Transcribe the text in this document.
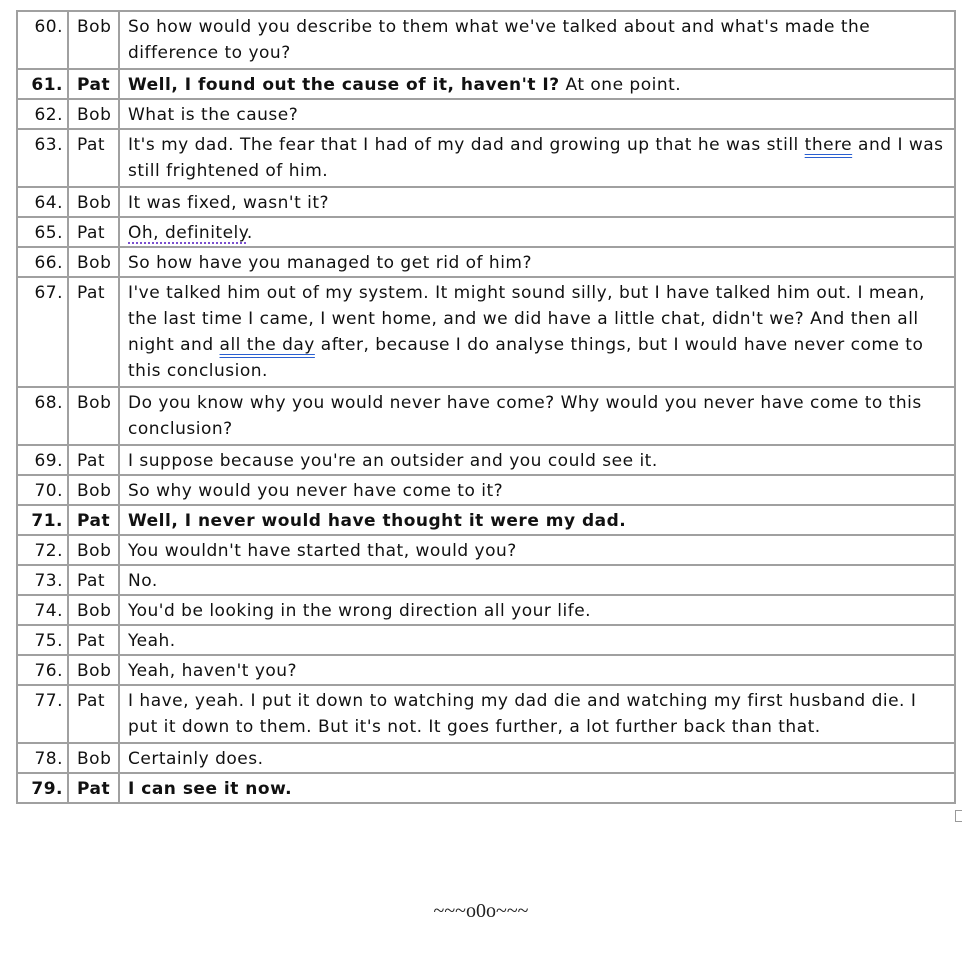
60.	Bob	So how would you describe to them what we've talked about and what's made the difference to you?
61.	Pat	Well, I found out the cause of it, haven't I? At one point.
62.	Bob	What is the cause?
63.	Pat	It's my dad. The fear that I had of my dad and growing up that he was still there and I was still frightened of him.
64.	Bob	It was fixed, wasn't it?
65.	Pat	Oh, definitely.
66.	Bob	So how have you managed to get rid of him?
67.	Pat	I've talked him out of my system. It might sound silly, but I have talked him out. I mean, the last time I came, I went home, and we did have a little chat, didn't we? And then all night and all the day after, because I do analyse things, but I would have never come to this conclusion.
68.	Bob	Do you know why you would never have come? Why would you never have come to this conclusion?
69.	Pat	I suppose because you're an outsider and you could see it.
70.	Bob	So why would you never have come to it?
71.	Pat	Well, I never would have thought it were my dad.
72.	Bob	You wouldn't have started that, would you?
73.	Pat	No.
74.	Bob	You'd be looking in the wrong direction all your life.
75.	Pat	Yeah.
76.	Bob	Yeah, haven't you?
77.	Pat	I have, yeah. I put it down to watching my dad die and watching my first husband die. I put it down to them. But it's not. It goes further, a lot further back than that.
78.	Bob	Certainly does.
79.	Pat	I can see it now.
~~~o0o~~~
